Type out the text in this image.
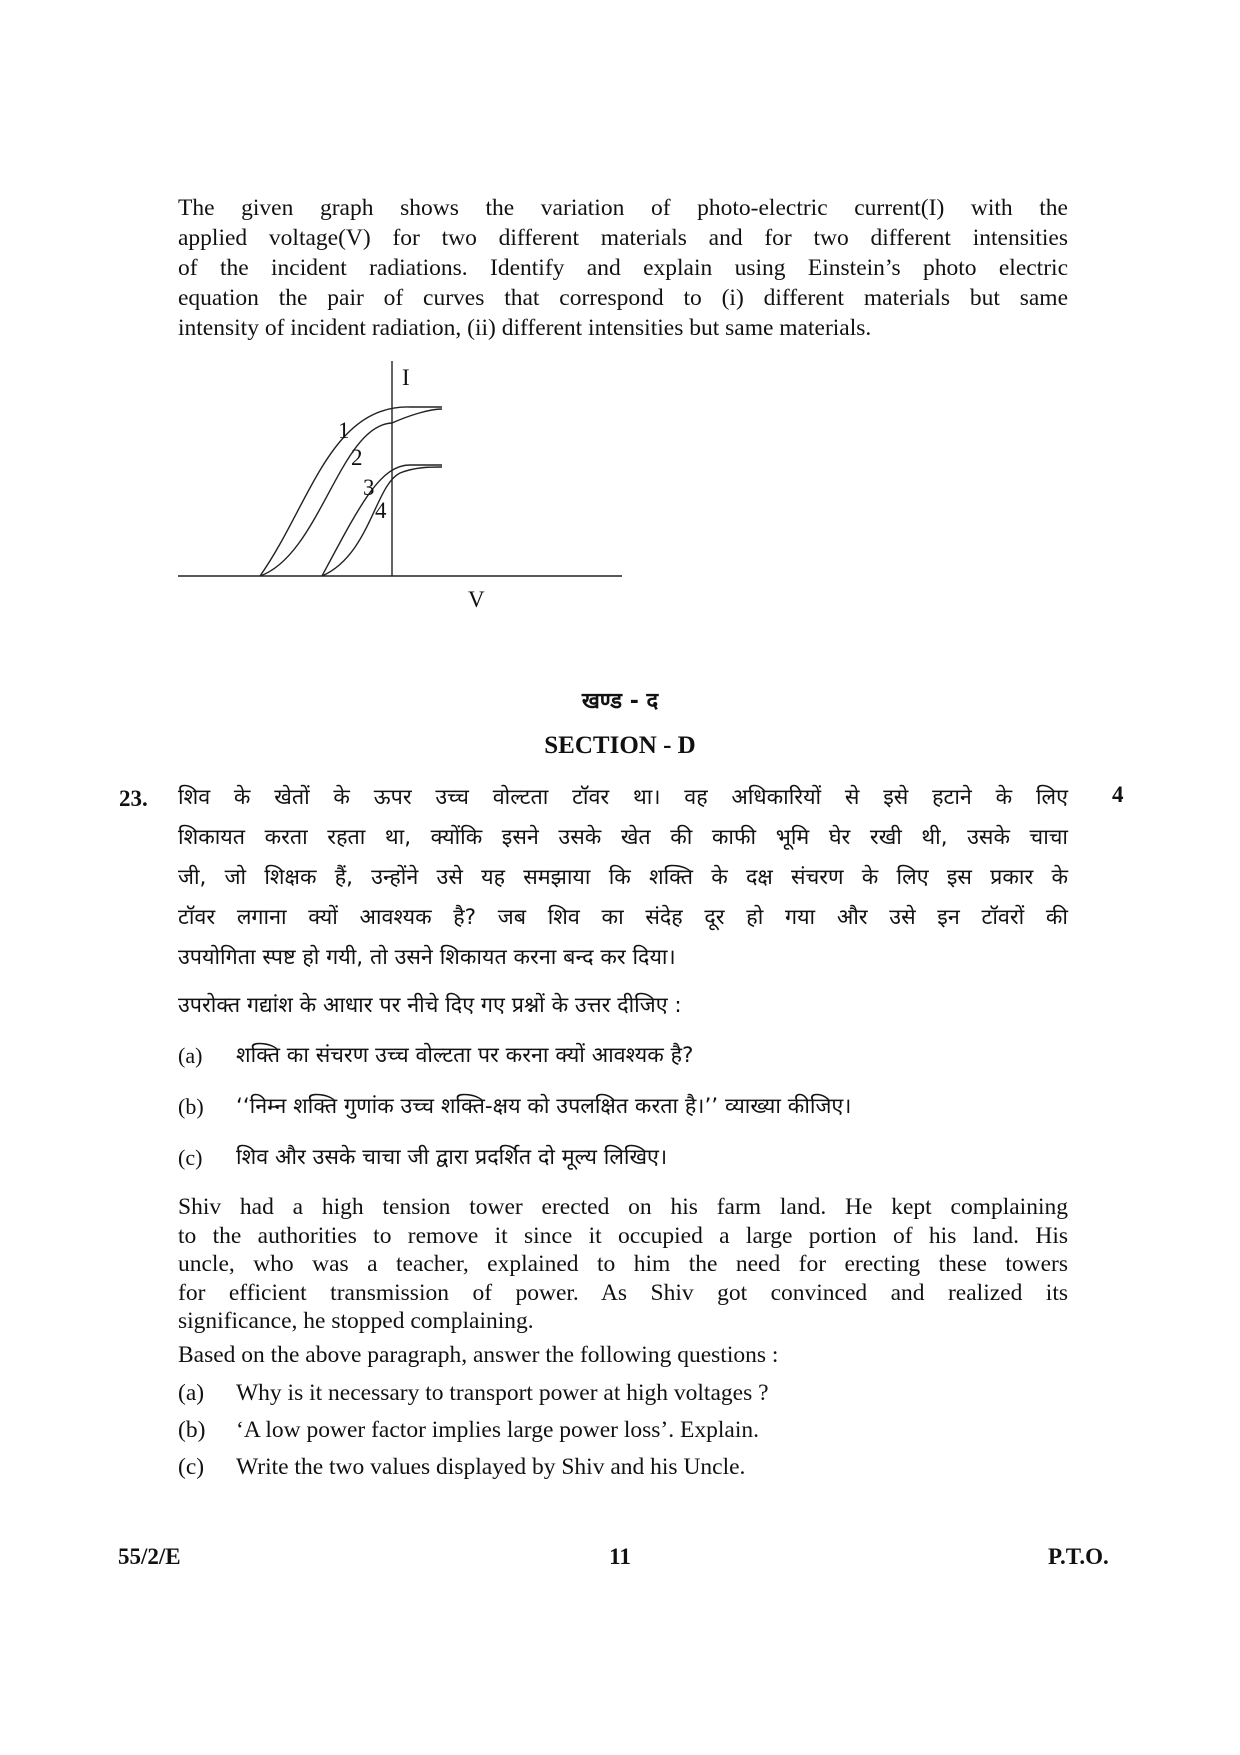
The given graph shows the variation of photo-electric current(I) with the
applied voltage(V) for two different materials and for two different intensities
of the incident radiations. Identify and explain using Einstein’s photo electric
equation the pair of curves that correspond to (i) different materials but same
intensity of incident radiation, (ii) different intensities but same materials.
I
V
1
2
3
4
खण्ड - द
SECTION - D
23.	4
शिव के खेतों के ऊपर उच्च वोल्टता टॉवर था। वह अधिकारियों से इसे हटाने के लिए
शिकायत करता रहता था, क्योंकि इसने उसके खेत की काफी भूमि घेर रखी थी, उसके चाचा
जी, जो शिक्षक हैं, उन्होंने उसे यह समझाया कि शक्ति के दक्ष संचरण के लिए इस प्रकार के
टॉवर लगाना क्यों आवश्यक है? जब शिव का संदेह दूर हो गया और उसे इन टॉवरों की
उपयोगिता स्पष्ट हो गयी, तो उसने शिकायत करना बन्द कर दिया।
उपरोक्त गद्यांश के आधार पर नीचे दिए गए प्रश्नों के उत्तर दीजिए :
(a) शक्ति का संचरण उच्च वोल्टता पर करना क्यों आवश्यक है?
(b) ‘‘निम्न शक्ति गुणांक उच्च शक्ति-क्षय को उपलक्षित करता है।’’ व्याख्या कीजिए।
(c) शिव और उसके चाचा जी द्वारा प्रदर्शित दो मूल्य लिखिए।
Shiv had a high tension tower erected on his farm land. He kept complaining
to the authorities to remove it since it occupied a large portion of his land. His
uncle, who was a teacher, explained to him the need for erecting these towers
for efficient transmission of power. As Shiv got convinced and realized its
significance, he stopped complaining.
Based on the above paragraph, answer the following questions :
(a) Why is it necessary to transport power at high voltages ?
(b) ‘A low power factor implies large power loss’. Explain.
(c) Write the two values displayed by Shiv and his Uncle.
55/2/E	11	P.T.O.
